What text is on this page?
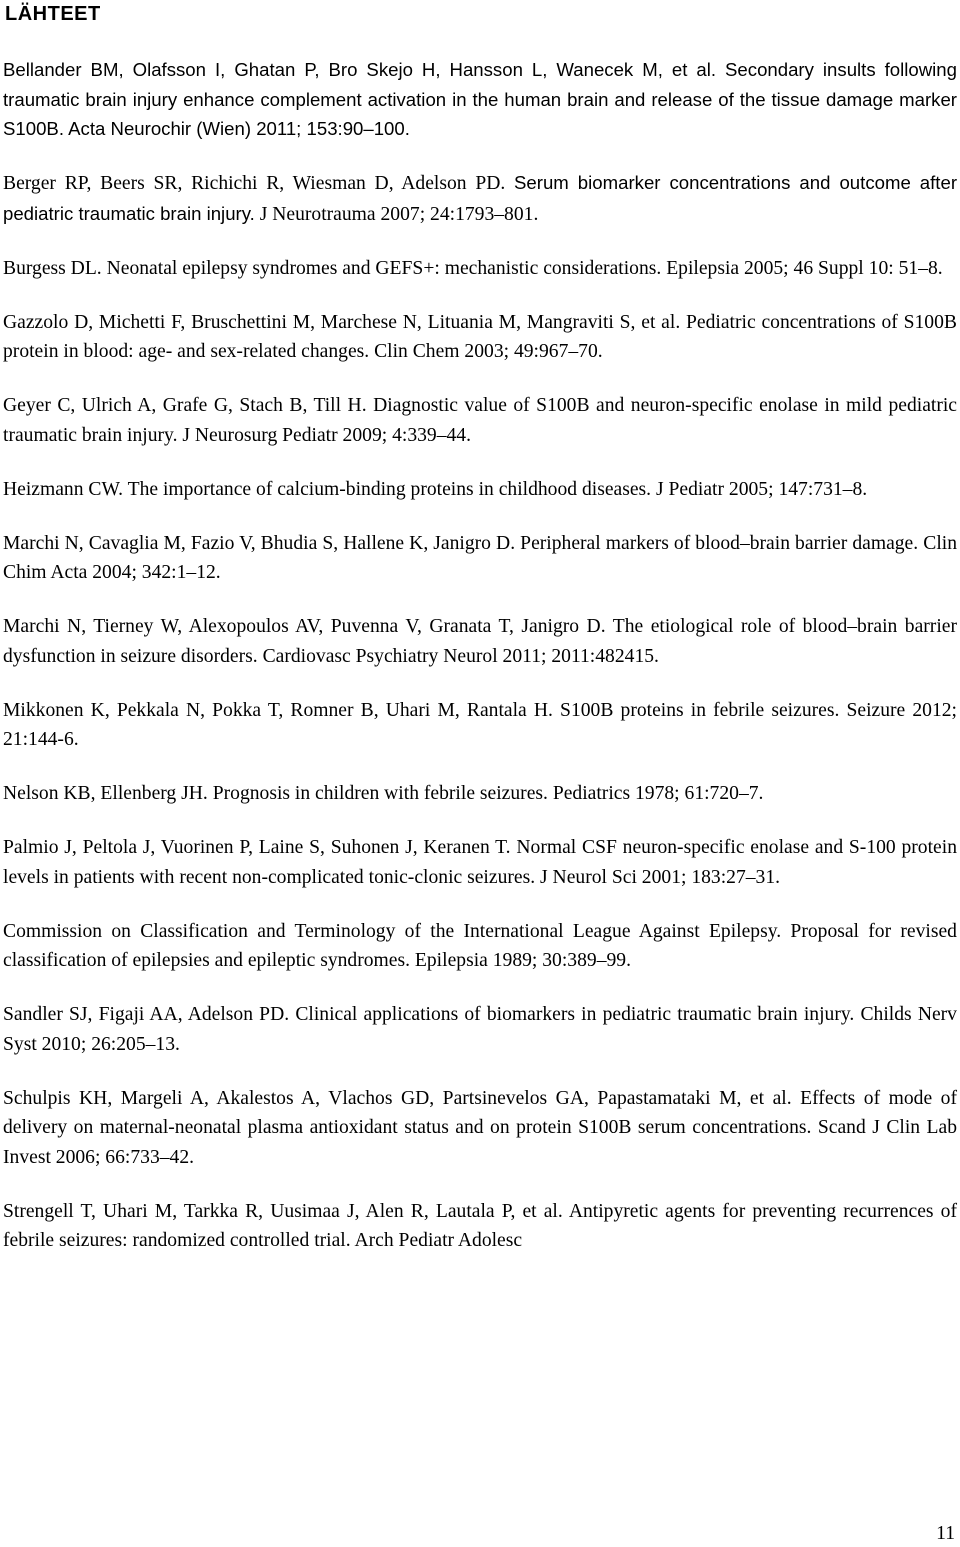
LÄHTEET
Bellander BM, Olafsson I, Ghatan P, Bro Skejo H, Hansson L, Wanecek M, et al. Secondary insults following traumatic brain injury enhance complement activation in the human brain and release of the tissue damage marker S100B. Acta Neurochir (Wien) 2011; 153:90–100.
Berger RP, Beers SR, Richichi R, Wiesman D, Adelson PD. Serum biomarker concentrations and outcome after pediatric traumatic brain injury. J Neurotrauma 2007; 24:1793–801.
Burgess DL. Neonatal epilepsy syndromes and GEFS+: mechanistic considerations. Epilepsia 2005; 46 Suppl 10: 51–8.
Gazzolo D, Michetti F, Bruschettini M, Marchese N, Lituania M, Mangraviti S, et al. Pediatric concentrations of S100B protein in blood: age- and sex-related changes. Clin Chem 2003; 49:967–70.
Geyer C, Ulrich A, Grafe G, Stach B, Till H. Diagnostic value of S100B and neuron-specific enolase in mild pediatric traumatic brain injury. J Neurosurg Pediatr 2009; 4:339–44.
Heizmann CW. The importance of calcium-binding proteins in childhood diseases. J Pediatr 2005; 147:731–8.
Marchi N, Cavaglia M, Fazio V, Bhudia S, Hallene K, Janigro D. Peripheral markers of blood–brain barrier damage. Clin Chim Acta 2004; 342:1–12.
Marchi N, Tierney W, Alexopoulos AV, Puvenna V, Granata T, Janigro D. The etiological role of blood–brain barrier dysfunction in seizure disorders. Cardiovasc Psychiatry Neurol 2011; 2011:482415.
Mikkonen K, Pekkala N, Pokka T, Romner B, Uhari M, Rantala H. S100B proteins in febrile seizures. Seizure 2012; 21:144-6.
Nelson KB, Ellenberg JH. Prognosis in children with febrile seizures. Pediatrics 1978; 61:720–7.
Palmio J, Peltola J, Vuorinen P, Laine S, Suhonen J, Keranen T. Normal CSF neuron-specific enolase and S-100 protein levels in patients with recent non-complicated tonic-clonic seizures. J Neurol Sci 2001; 183:27–31.
Commission on Classification and Terminology of the International League Against Epilepsy. Proposal for revised classification of epilepsies and epileptic syndromes. Epilepsia 1989; 30:389–99.
Sandler SJ, Figaji AA, Adelson PD. Clinical applications of biomarkers in pediatric traumatic brain injury. Childs Nerv Syst 2010; 26:205–13.
Schulpis KH, Margeli A, Akalestos A, Vlachos GD, Partsinevelos GA, Papastamataki M, et al. Effects of mode of delivery on maternal-neonatal plasma antioxidant status and on protein S100B serum concentrations. Scand J Clin Lab Invest 2006; 66:733–42.
Strengell T, Uhari M, Tarkka R, Uusimaa J, Alen R, Lautala P, et al. Antipyretic agents for preventing recurrences of febrile seizures: randomized controlled trial. Arch Pediatr Adolesc
11
